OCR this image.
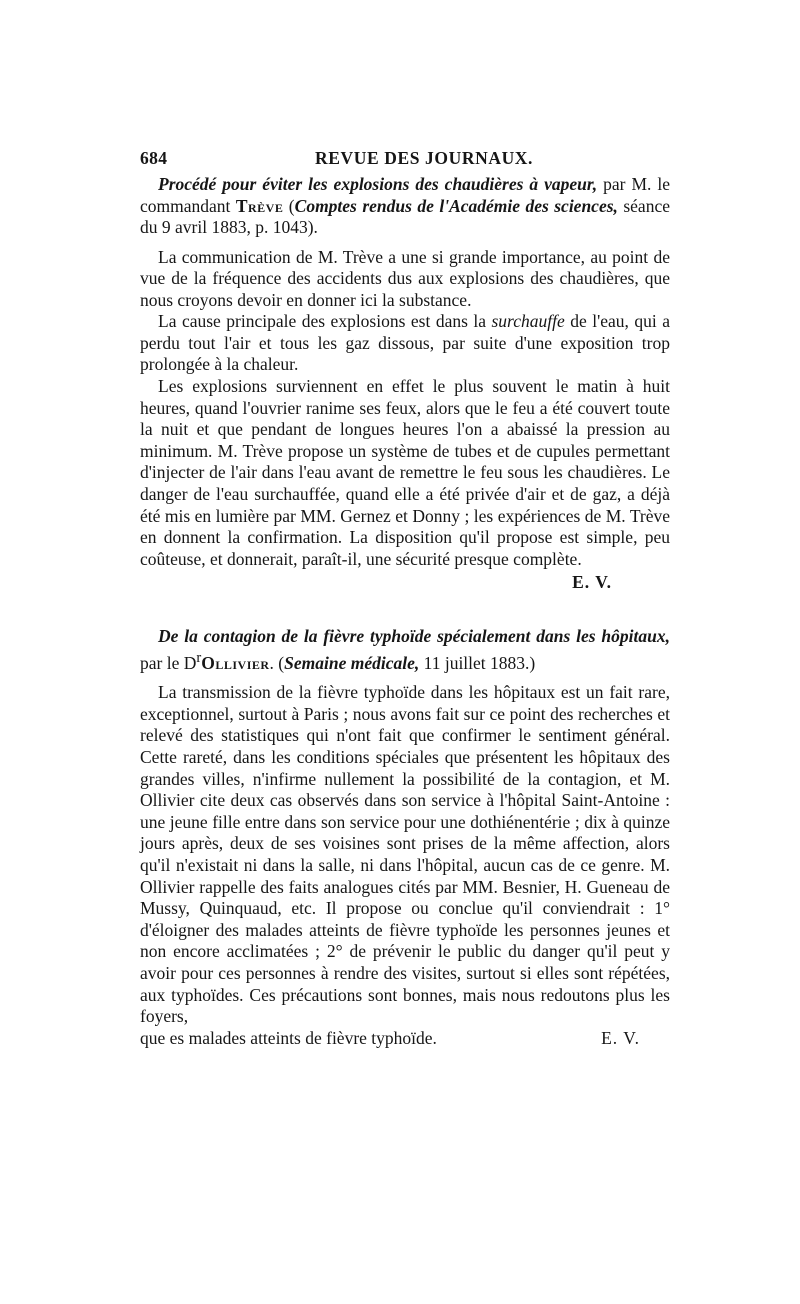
684	REVUE DES JOURNAUX.

Procédé pour éviter les explosions des chaudières à vapeur, par M. le commandant Trève (Comptes rendus de l'Académie des sciences, séance du 9 avril 1883, p. 1043).

La communication de M. Trève a une si grande importance, au point de vue de la fréquence des accidents dus aux explosions des chaudières, que nous croyons devoir en donner ici la substance.

La cause principale des explosions est dans la surchauffe de l'eau, qui a perdu tout l'air et tous les gaz dissous, par suite d'une exposition trop prolongée à la chaleur.

Les explosions surviennent en effet le plus souvent le matin à huit heures, quand l'ouvrier ranime ses feux, alors que le feu a été couvert toute la nuit et que pendant de longues heures l'on a abaissé la pression au minimum. M. Trève propose un système de tubes et de cupules permettant d'injecter de l'air dans l'eau avant de remettre le feu sous les chaudières. Le danger de l'eau surchauffée, quand elle a été privée d'air et de gaz, a déjà été mis en lumière par MM. Gernez et Donny ; les expériences de M. Trève en donnent la confirmation. La disposition qu'il propose est simple, peu coûteuse, et donnerait, paraît-il, une sécurité presque complète.

E. V.

De la contagion de la fièvre typhoïde spécialement dans les hôpitaux, par le $D^rOllivier$. (Semaine médicale, 11 juillet 1883.)

La transmission de la fièvre typhoïde dans les hôpitaux est un fait rare, exceptionnel, surtout à Paris ; nous avons fait sur ce point des recherches et relevé des statistiques qui n'ont fait que confirmer le sentiment général. Cette rareté, dans les conditions spéciales que présentent les hôpitaux des grandes villes, n'infirme nullement la possibilité de la contagion, et M. Ollivier cite deux cas observés dans son service à l'hôpital Saint-Antoine : une jeune fille entre dans son service pour une dothiénentérie ; dix à quinze jours après, deux de ses voisines sont prises de la même affection, alors qu'il n'existait ni dans la salle, ni dans l'hôpital, aucun cas de ce genre. M. Ollivier rappelle des faits analogues cités par MM. Besnier, H. Gueneau de Mussy, Quinquaud, etc. Il propose ou conclue qu'il conviendrait : 1° d'éloigner des malades atteints de fièvre typhoïde les personnes jeunes et non encore acclimatées ; 2° de prévenir le public du danger qu'il peut y avoir pour ces personnes à rendre des visites, surtout si elles sont répétées, aux typhoïdes. Ces précautions sont bonnes, mais nous redoutons plus les foyers,

que es malades atteints de fièvre typhoïde.	E. V.
